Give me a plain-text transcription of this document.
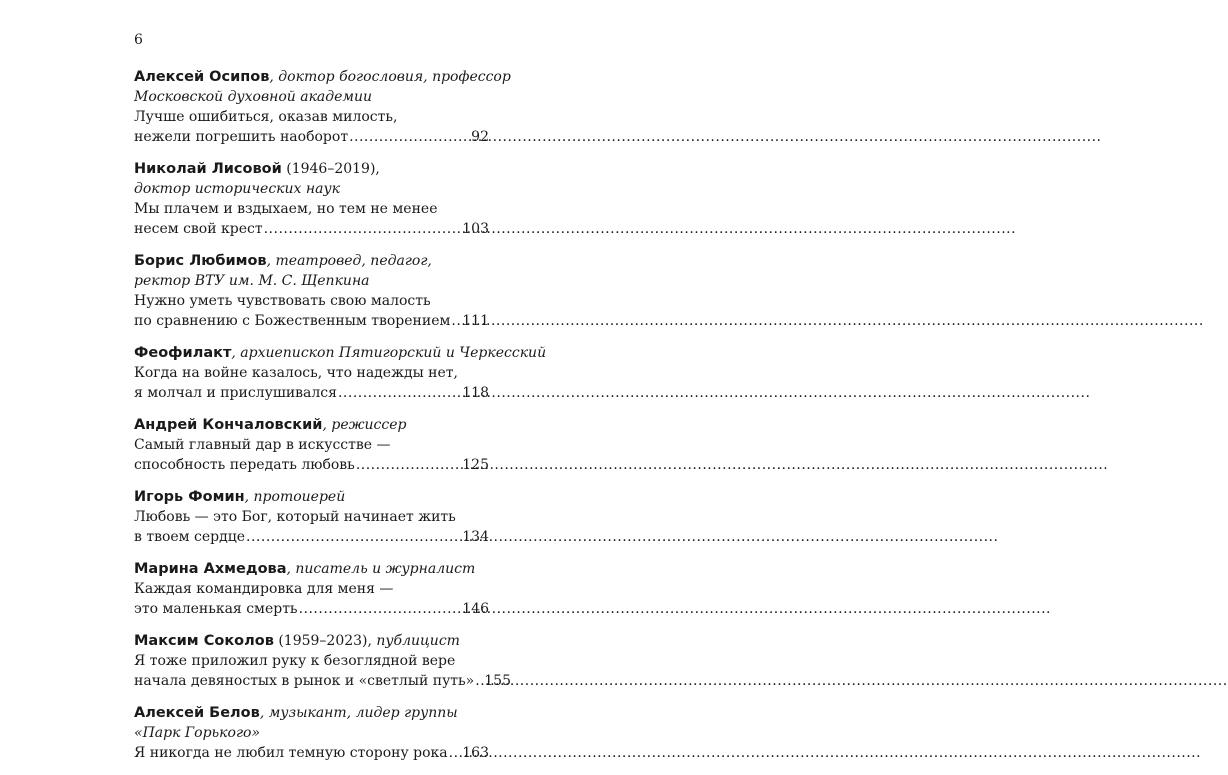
6
Алексей Осипов, доктор богословия, профессор
Московской духовной академии
Лучше ошибиться, оказав милость,
нежели погрешить наоборот .....	92
Николай Лисовой (1946–2019),
доктор исторических наук
Мы плачем и вздыхаем, но тем не менее
несем свой крест .....	103
Борис Любимов, театровед, педагог,
ректор ВТУ им. М. С. Щепкина
Нужно уметь чувствовать свою малость
по сравнению с Божественным творением ..... 111
Феофилакт, архиепископ Пятигорский и Черкесский
Когда на войне казалось, что надежды нет,
я молчал и прислушивался .....	118
Андрей Кончаловский, режиссер
Самый главный дар в искусстве —
способность передать любовь .....	125
Игорь Фомин, протоиерей
Любовь — это Бог, который начинает жить
в твоем сердце .....	134
Марина Ахмедова, писатель и журналист
Каждая командировка для меня —
это маленькая смерть .....	146
Максим Соколов (1959–2023), публицист
Я тоже приложил руку к безоглядной вере
начала девяностых в рынок и «светлый путь» ..... 155
Алексей Белов, музыкант, лидер группы
«Парк Горького»
Я никогда не любил темную сторону рока ..... 163
